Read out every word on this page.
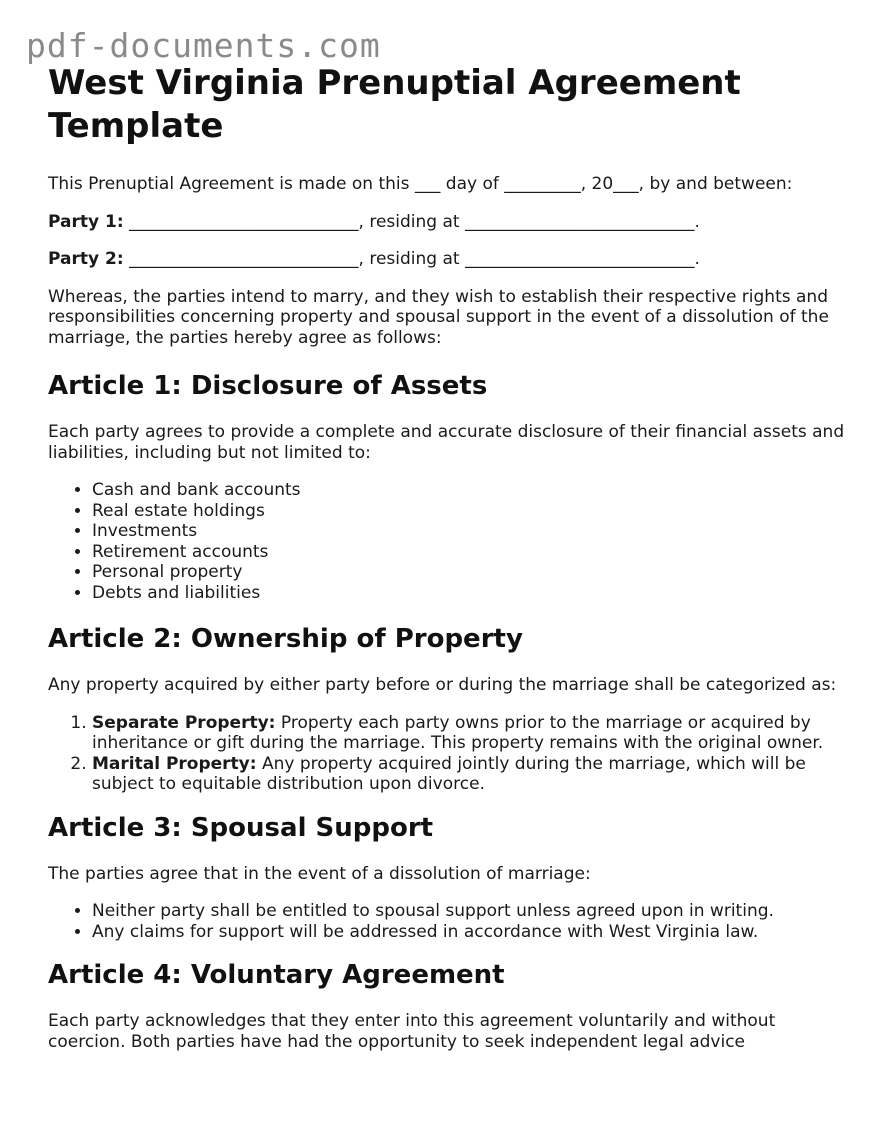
pdf-documents.com
West Virginia Prenuptial Agreement Template

This Prenuptial Agreement is made on this ___ day of _________, 20___, by and between:

Party 1: ___________________________, residing at ___________________________.

Party 2: ___________________________, residing at ___________________________.

Whereas, the parties intend to marry, and they wish to establish their respective rights and responsibilities concerning property and spousal support in the event of a dissolution of the marriage, the parties hereby agree as follows:

Article 1: Disclosure of Assets

Each party agrees to provide a complete and accurate disclosure of their financial assets and liabilities, including but not limited to:

• Cash and bank accounts
• Real estate holdings
• Investments
• Retirement accounts
• Personal property
• Debts and liabilities
Article 2: Ownership of Property

Any property acquired by either party before or during the marriage shall be categorized as:

1. Separate Property: Property each party owns prior to the marriage or acquired by inheritance or gift during the marriage. This property remains with the original owner.
2. Marital Property: Any property acquired jointly during the marriage, which will be subject to equitable distribution upon divorce.
Article 3: Spousal Support

The parties agree that in the event of a dissolution of marriage:

• Neither party shall be entitled to spousal support unless agreed upon in writing.
• Any claims for support will be addressed in accordance with West Virginia law.
Article 4: Voluntary Agreement

Each party acknowledges that they enter into this agreement voluntarily and without coercion. Both parties have had the opportunity to seek independent legal advice
